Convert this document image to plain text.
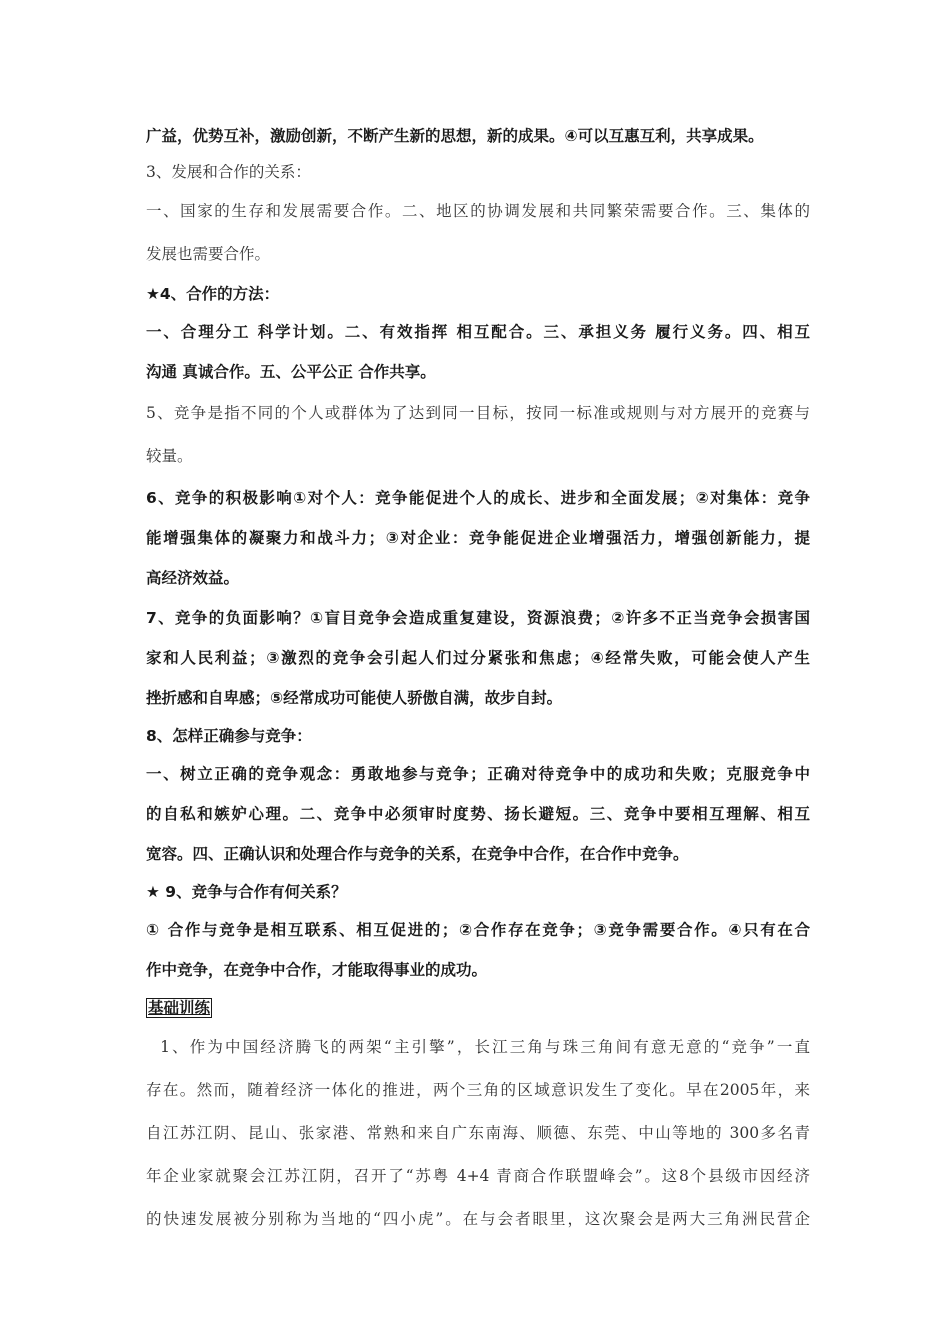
广益，优势互补，激励创新，不断产生新的思想，新的成果。④可以互惠互利，共享成果。
3、发展和合作的关系：
一、国家的生存和发展需要合作。二、地区的协调发展和共同繁荣需要合作。三、集体的
发展也需要合作。
★4、合作的方法：
一、合理分工 科学计划。二、有效指挥 相互配合。三、承担义务 履行义务。四、相互
沟通 真诚合作。五、公平公正 合作共享。
5、竞争是指不同的个人或群体为了达到同一目标，按同一标准或规则与对方展开的竞赛与
较量。
6、竞争的积极影响①对个人：竞争能促进个人的成长、进步和全面发展；②对集体：竞争
能增强集体的凝聚力和战斗力；③对企业：竞争能促进企业增强活力，增强创新能力，提
高经济效益。
7、竞争的负面影响？①盲目竞争会造成重复建设，资源浪费；②许多不正当竞争会损害国
家和人民利益；③激烈的竞争会引起人们过分紧张和焦虑；④经常失败，可能会使人产生
挫折感和自卑感；⑤经常成功可能使人骄傲自满，故步自封。
8、怎样正确参与竞争：
一、树立正确的竞争观念：勇敢地参与竞争；正确对待竞争中的成功和失败；克服竞争中
的自私和嫉妒心理。二、竞争中必须审时度势、扬长避短。三、竞争中要相互理解、相互
宽容。四、正确认识和处理合作与竞争的关系，在竞争中合作，在合作中竞争。
★ 9、竞争与合作有何关系？
① 合作与竞争是相互联系、相互促进的；②合作存在竞争；③竞争需要合作。④只有在合
作中竞争，在竞争中合作，才能取得事业的成功。
基础训练
1、作为中国经济腾飞的两架“主引擎”，长江三角与珠三角间有意无意的“竞争”一直
存在。然而，随着经济一体化的推进，两个三角的区域意识发生了变化。早在2005年，来
自江苏江阴、昆山、张家港、常熟和来自广东南海、顺德、东莞、中山等地的 300多名青
年企业家就聚会江苏江阴，召开了“苏粤 4+4 青商合作联盟峰会”。这8个县级市因经济
的快速发展被分别称为当地的“四小虎”。在与会者眼里，这次聚会是两大三角洲民营企
